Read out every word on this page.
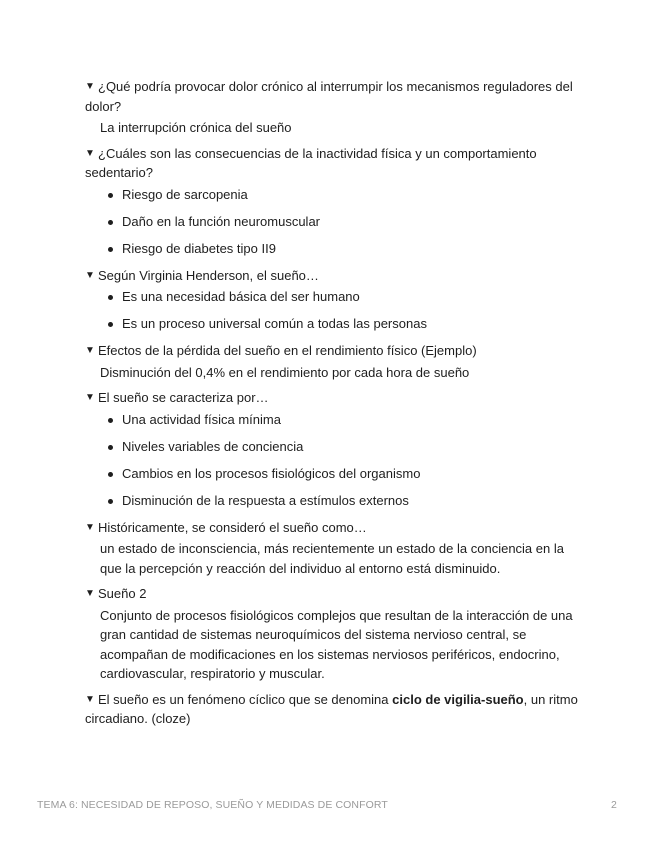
▼ ¿Qué podría provocar dolor crónico al interrumpir los mecanismos reguladores del dolor?
La interrupción crónica del sueño
▼ ¿Cuáles son las consecuencias de la inactividad física y un comportamiento sedentario?
Riesgo de sarcopenia
Daño en la función neuromuscular
Riesgo de diabetes tipo II9
▼ Según Virginia Henderson, el sueño…
Es una necesidad básica del ser humano
Es un proceso universal común a todas las personas
▼ Efectos de la pérdida del sueño en el rendimiento físico (Ejemplo)
Disminución del 0,4% en el rendimiento por cada hora de sueño
▼ El sueño se caracteriza por…
Una actividad física mínima
Niveles variables de conciencia
Cambios en los procesos fisiológicos del organismo
Disminución de la respuesta a estímulos externos
▼ Históricamente, se consideró el sueño como…
un estado de inconsciencia, más recientemente un estado de la conciencia en la que la percepción y reacción del individuo al entorno está disminuido.
▼ Sueño 2
Conjunto de procesos fisiológicos complejos que resultan de la interacción de una gran cantidad de sistemas neuroquímicos del sistema nervioso central, se acompañan de modificaciones en los sistemas nerviosos periféricos, endocrino, cardiovascular, respiratorio y muscular.
▼ El sueño es un fenómeno cíclico que se denomina ciclo de vigilia-sueño, un ritmo circadiano. (cloze)
TEMA 6: NECESIDAD DE REPOSO, SUEÑO Y MEDIDAS DE CONFORT	2
